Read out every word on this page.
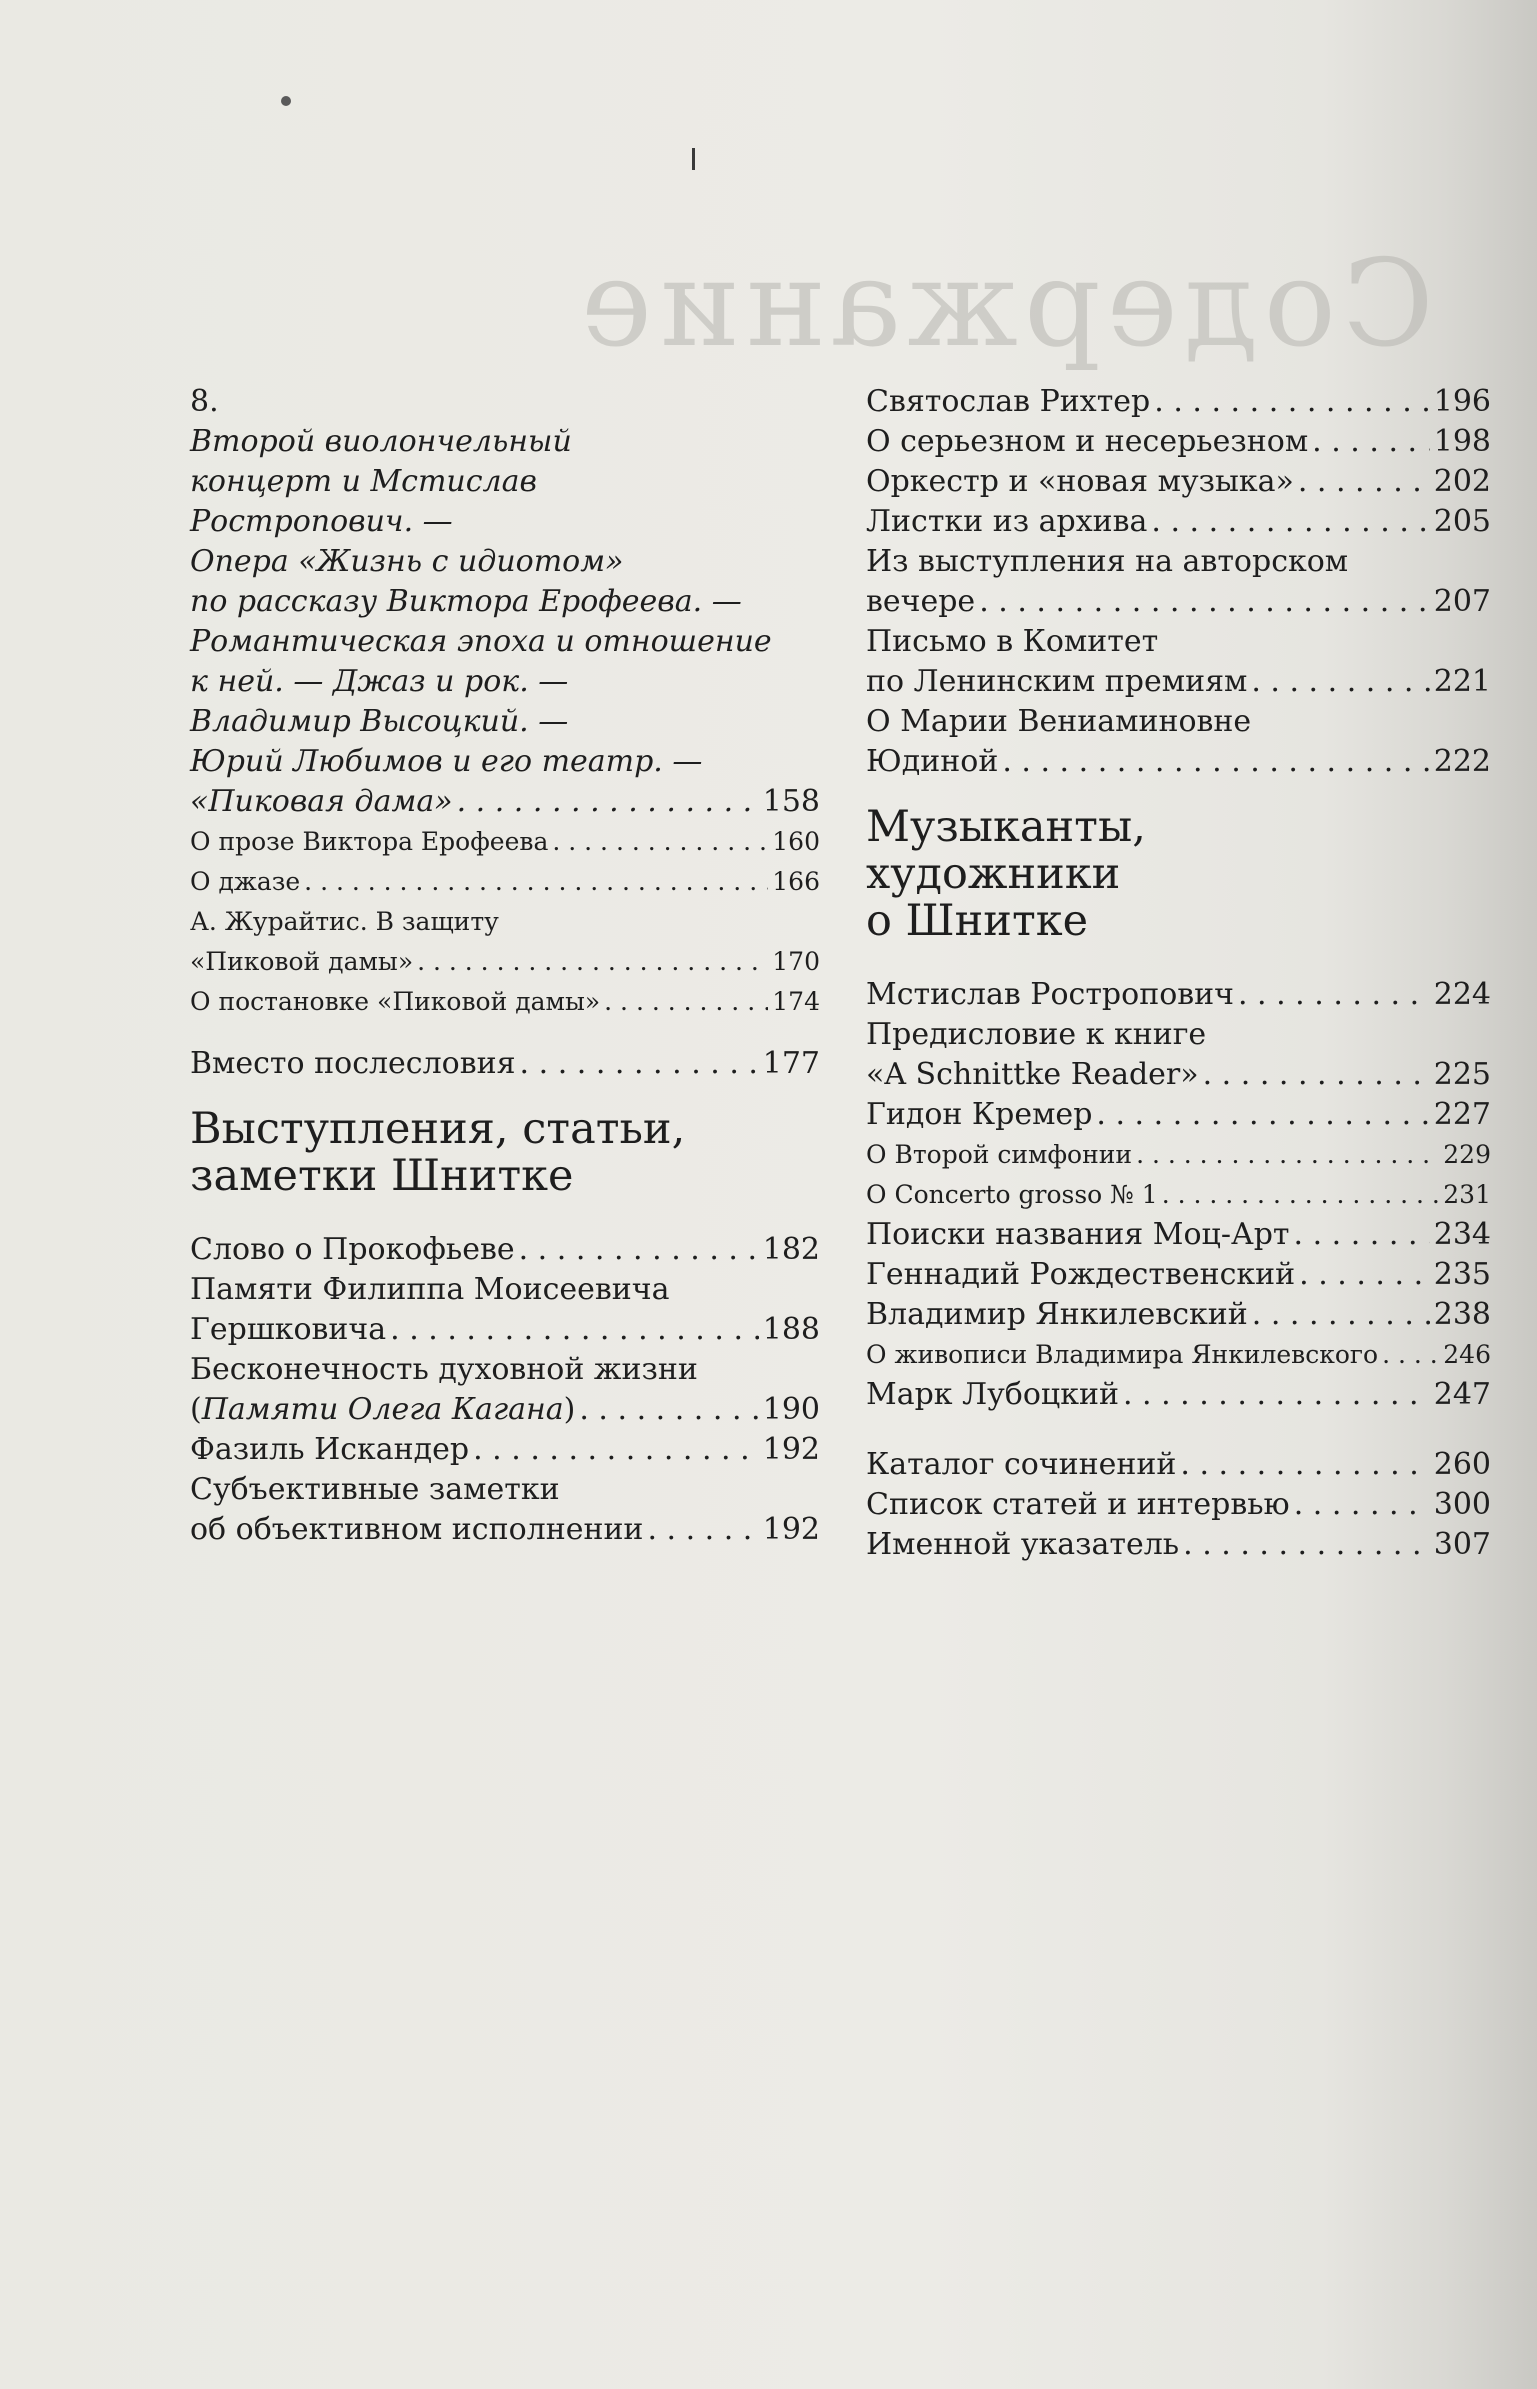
Содержание
8.
Второй виолончельный
концерт и Мстислав
Ростропович. —
Опера «Жизнь с идиотом»
по рассказу Виктора Ерофеева. —
Романтическая эпоха и отношение
к ней. — Джаз и рок. —
Владимир Высоцкий. —
Юрий Любимов и его театр. —
«Пиковая дама» . . .	158
О прозе Виктора Ерофеева . . .	160
О джазе . . .	166
А. Журайтис. В защиту
«Пиковой дамы» . . .	170
О постановке «Пиковой дамы» . . .	174
Вместо послесловия . . .	177
Выступления, статьи,
заметки Шнитке
Слово о Прокофьеве . . .	182
Памяти Филиппа Моисеевича
Гершковича . . .	188
Бесконечность духовной жизни
(Памяти Олега Кагана) . . .	190
Фазиль Искандер . . .	192
Субъективные заметки
об объективном исполнении . . .	192
Святослав Рихтер . . .	196
О серьезном и несерьезном . . .	198
Оркестр и «новая музыка» . . .	202
Листки из архива . . .	205
Из выступления на авторском
вечере . . .	207
Письмо в Комитет
по Ленинским премиям . . .	221
О Марии Вениаминовне
Юдиной . . .	222
Музыканты,
художники
о Шнитке
Мстислав Ростропович . . .	224
Предисловие к книге
«A Schnittke Reader» . . .	225
Гидон Кремер . . .	227
О Второй симфонии . . .	229
О Concerto grosso № 1 . . .	231
Поиски названия Моц-Арт . . .	234
Геннадий Рождественский . . .	235
Владимир Янкилевский . . .	238
О живописи Владимира Янкилевского . . .	246
Марк Лубоцкий . . .	247
Каталог сочинений . . .	260
Список статей и интервью . . .	300
Именной указатель . . .	307
